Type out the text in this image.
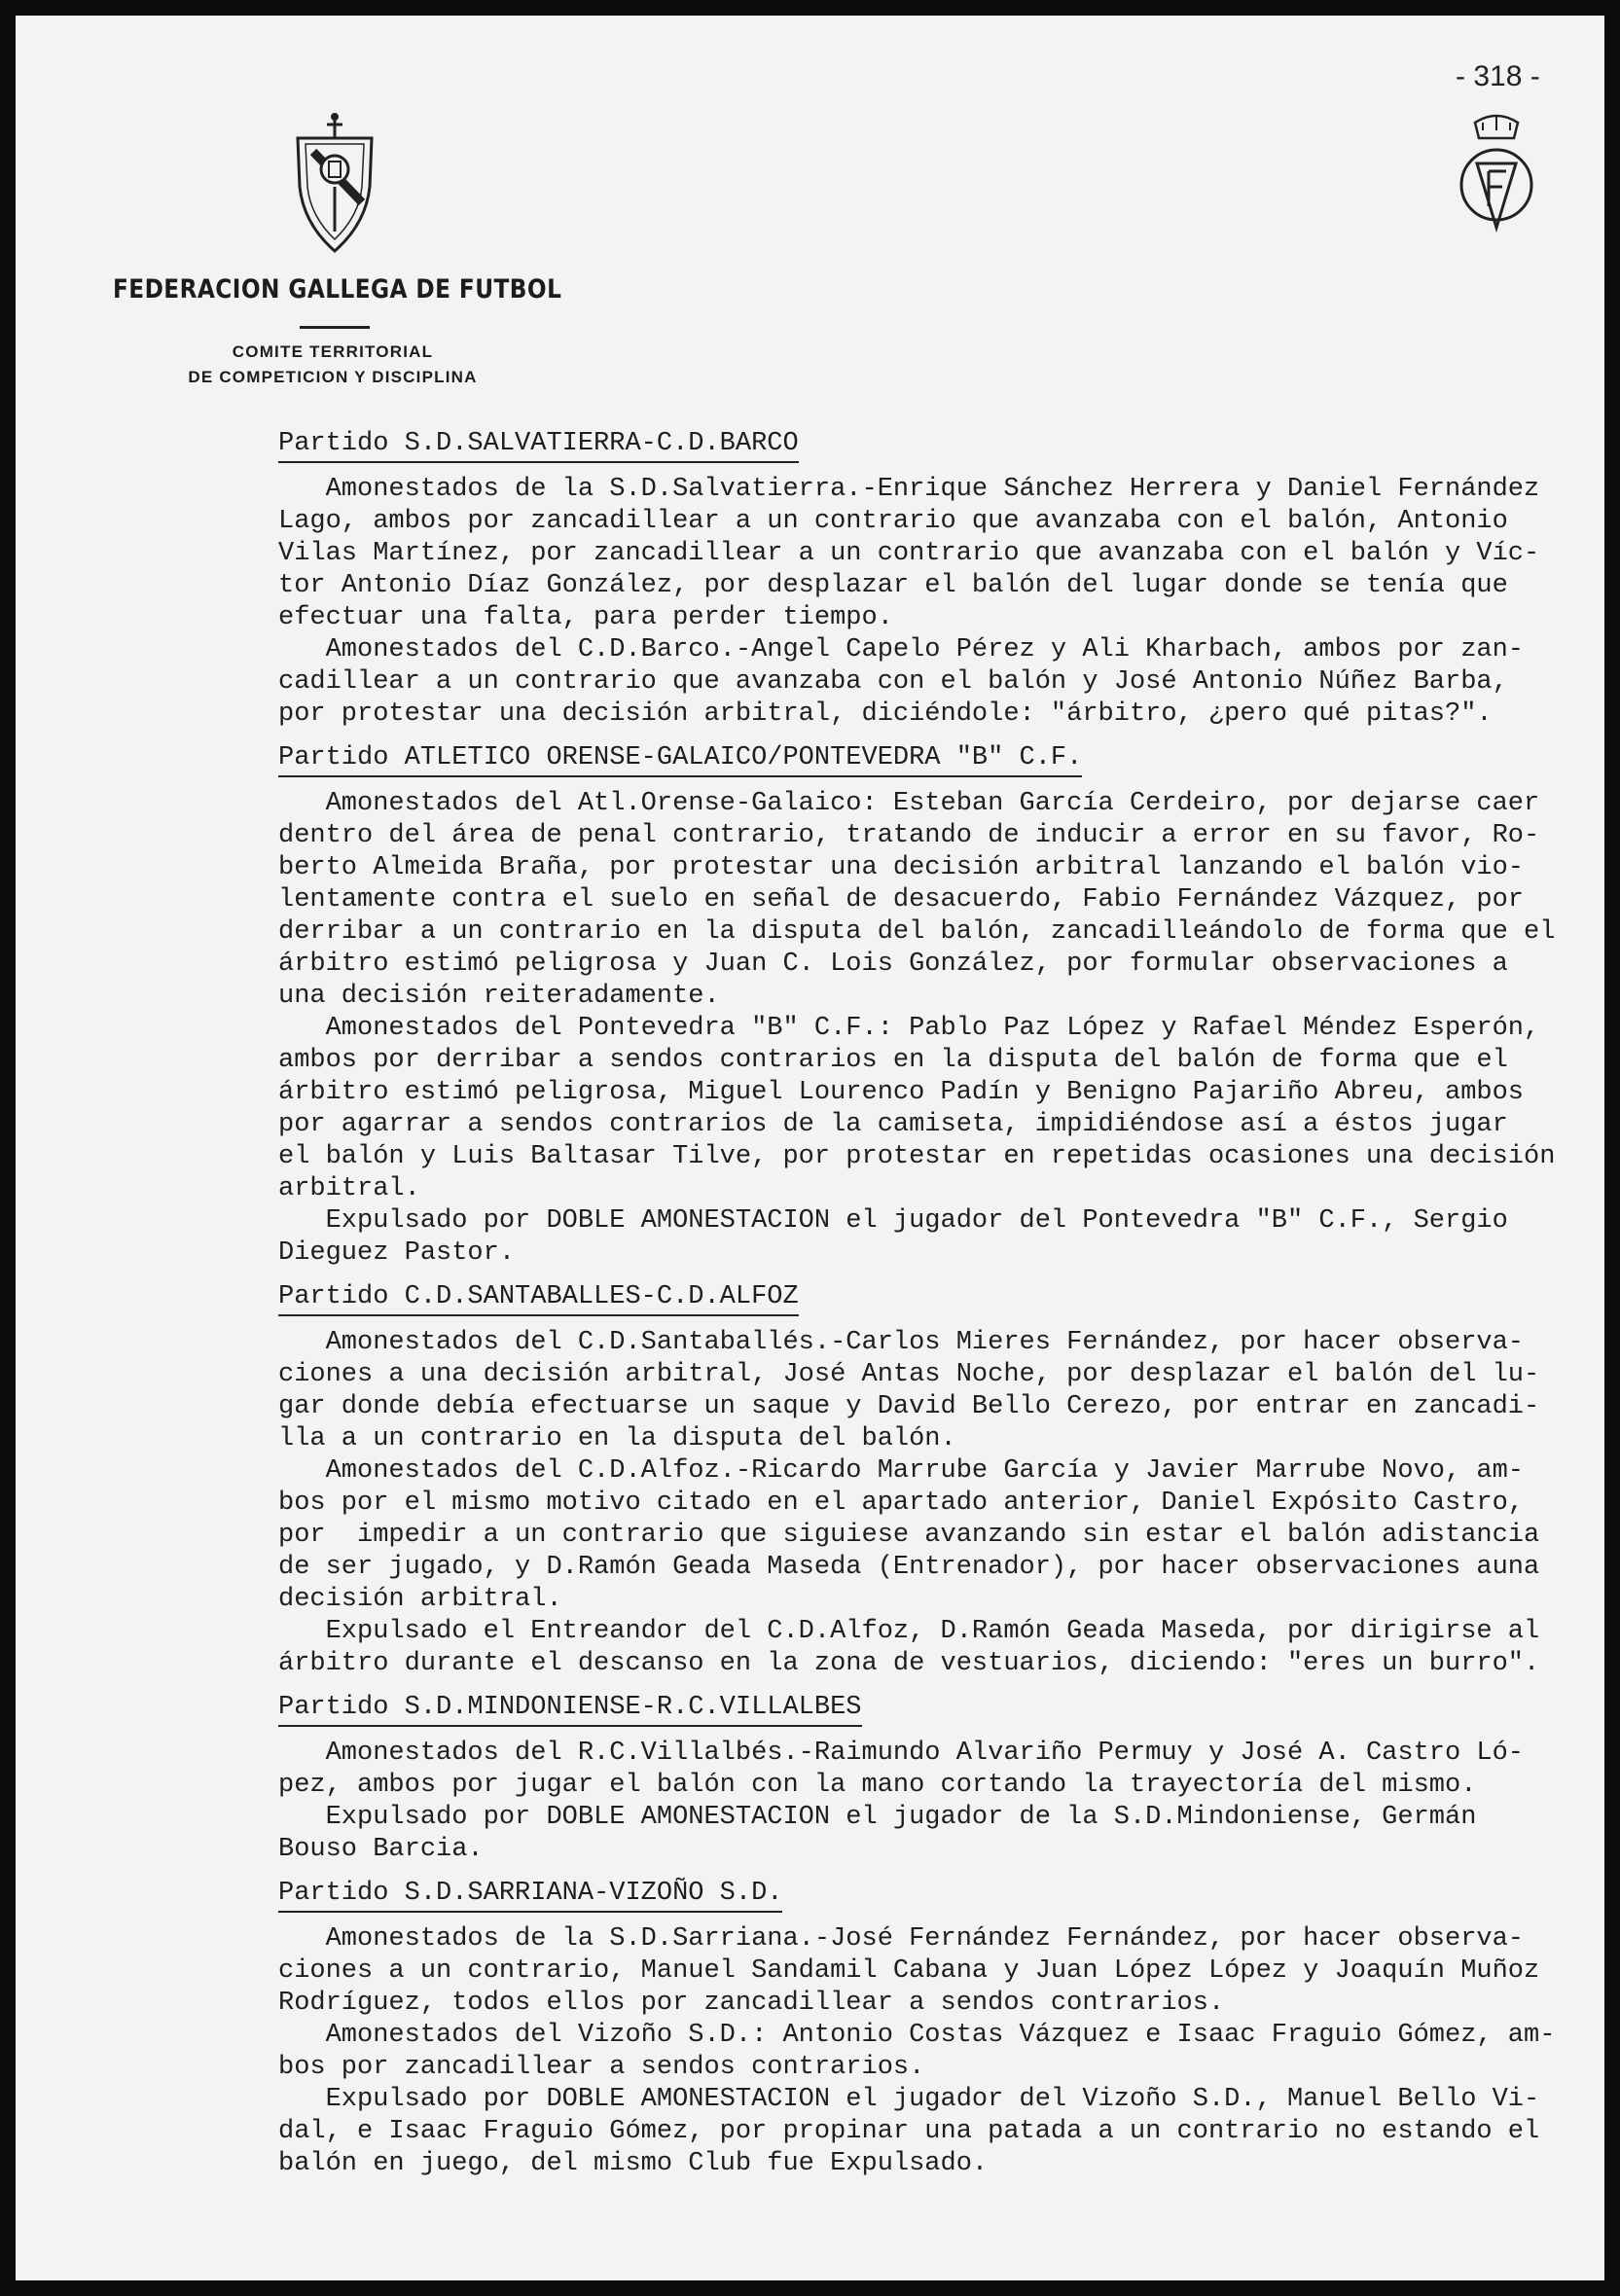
- 318 -
FEDERACION GALLEGA DE FUTBOL
COMITE TERRITORIAL
DE COMPETICION Y DISCIPLINA
Partido S.D.SALVATIERRA-C.D.BARCO
Amonestados de la S.D.Salvatierra.-Enrique Sánchez Herrera y Daniel Fernández
Lago, ambos por zancadillear a un contrario que avanzaba con el balón, Antonio
Vilas Martínez, por zancadillear a un contrario que avanzaba con el balón y Víc-
tor Antonio Díaz González, por desplazar el balón del lugar donde se tenía que
efectuar una falta, para perder tiempo.
Amonestados del C.D.Barco.-Angel Capelo Pérez y Ali Kharbach, ambos por zan-
cadillear a un contrario que avanzaba con el balón y José Antonio Núñez Barba,
por protestar una decisión arbitral, diciéndole: "árbitro, ¿pero qué pitas?".
Partido ATLETICO ORENSE-GALAICO/PONTEVEDRA "B" C.F.
Amonestados del Atl.Orense-Galaico: Esteban García Cerdeiro, por dejarse caer
dentro del área de penal contrario, tratando de inducir a error en su favor, Ro-
berto Almeida Braña, por protestar una decisión arbitral lanzando el balón vio-
lentamente contra el suelo en señal de desacuerdo, Fabio Fernández Vázquez, por
derribar a un contrario en la disputa del balón, zancadilleándolo de forma que el
árbitro estimó peligrosa y Juan C. Lois González, por formular observaciones a
una decisión reiteradamente.
Amonestados del Pontevedra "B" C.F.: Pablo Paz López y Rafael Méndez Esperón,
ambos por derribar a sendos contrarios en la disputa del balón de forma que el
árbitro estimó peligrosa, Miguel Lourenco Padín y Benigno Pajariño Abreu, ambos
por agarrar a sendos contrarios de la camiseta, impidiéndose así a éstos jugar
el balón y Luis Baltasar Tilve, por protestar en repetidas ocasiones una decisión
arbitral.
Expulsado por DOBLE AMONESTACION el jugador del Pontevedra "B" C.F., Sergio
Dieguez Pastor.
Partido C.D.SANTABALLES-C.D.ALFOZ
Amonestados del C.D.Santaballés.-Carlos Mieres Fernández, por hacer observa-
ciones a una decisión arbitral, José Antas Noche, por desplazar el balón del lu-
gar donde debía efectuarse un saque y David Bello Cerezo, por entrar en zancadi-
lla a un contrario en la disputa del balón.
Amonestados del C.D.Alfoz.-Ricardo Marrube García y Javier Marrube Novo, am-
bos por el mismo motivo citado en el apartado anterior, Daniel Expósito Castro,
por  impedir a un contrario que siguiese avanzando sin estar el balón adistancia
de ser jugado, y D.Ramón Geada Maseda (Entrenador), por hacer observaciones auna
decisión arbitral.
Expulsado el Entreandor del C.D.Alfoz, D.Ramón Geada Maseda, por dirigirse al
árbitro durante el descanso en la zona de vestuarios, diciendo: "eres un burro".
Partido S.D.MINDONIENSE-R.C.VILLALBES
Amonestados del R.C.Villalbés.-Raimundo Alvariño Permuy y José A. Castro Ló-
pez, ambos por jugar el balón con la mano cortando la trayectoría del mismo.
Expulsado por DOBLE AMONESTACION el jugador de la S.D.Mindoniense, Germán
Bouso Barcia.
Partido S.D.SARRIANA-VIZOÑO S.D.
Amonestados de la S.D.Sarriana.-José Fernández Fernández, por hacer observa-
ciones a un contrario, Manuel Sandamil Cabana y Juan López López y Joaquín Muñoz
Rodríguez, todos ellos por zancadillear a sendos contrarios.
Amonestados del Vizoño S.D.: Antonio Costas Vázquez e Isaac Fraguio Gómez, am-
bos por zancadillear a sendos contrarios.
Expulsado por DOBLE AMONESTACION el jugador del Vizoño S.D., Manuel Bello Vi-
dal, e Isaac Fraguio Gómez, por propinar una patada a un contrario no estando el
balón en juego, del mismo Club fue Expulsado.
